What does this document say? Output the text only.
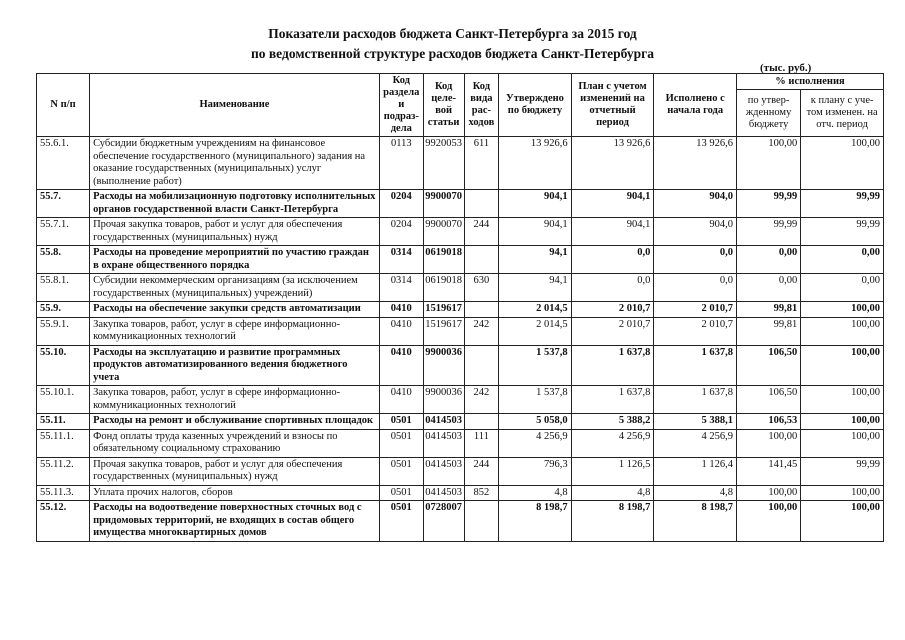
Показатели расходов бюджета Санкт-Петербурга за 2015 год
по ведомственной структуре расходов бюджета Санкт-Петербурга
(тыс. руб.)
N п/п	Наименование	Код раздела и подраз-дела	Код целе-вой статьи	Код вида рас-ходов	Утверждено по бюджету	План с учетом изменений на отчетный период	Исполнено с начала года	% исполнения	
								по утвер-жденному бюджету	к плану с уче-том изменен. на отч. период
55.6.1.	Субсидии бюджетным учреждениям на финансовое обеспечение государственного (муниципального) задания на оказание государственных (муниципальных) услуг (выполнение работ)	0113	9920053	611	13 926,6	13 926,6	13 926,6	100,00	100,00
55.7.	Расходы на мобилизационную подготовку исполнительных органов государственной власти Санкт-Петербурга	0204	9900070		904,1	904,1	904,0	99,99	99,99
55.7.1.	Прочая закупка товаров, работ и услуг для обеспечения государственных (муниципальных) нужд	0204	9900070	244	904,1	904,1	904,0	99,99	99,99
55.8.	Расходы на проведение мероприятий по участию граждан в охране общественного порядка	0314	0619018		94,1	0,0	0,0	0,00	0,00
55.8.1.	Субсидии некоммерческим организациям (за исключением государственных (муниципальных) учреждений)	0314	0619018	630	94,1	0,0	0,0	0,00	0,00
55.9.	Расходы на обеспечение закупки средств автоматизации	0410	1519617		2 014,5	2 010,7	2 010,7	99,81	100,00
55.9.1.	Закупка товаров, работ, услуг в сфере информационно-коммуникационных технологий	0410	1519617	242	2 014,5	2 010,7	2 010,7	99,81	100,00
55.10.	Расходы на эксплуатацию и развитие программных продуктов автоматизированного ведения бюджетного учета	0410	9900036		1 537,8	1 637,8	1 637,8	106,50	100,00
55.10.1.	Закупка товаров, работ, услуг в сфере информационно-коммуникационных технологий	0410	9900036	242	1 537,8	1 637,8	1 637,8	106,50	100,00
55.11.	Расходы на ремонт и обслуживание спортивных площадок	0501	0414503		5 058,0	5 388,2	5 388,1	106,53	100,00
55.11.1.	Фонд оплаты труда казенных учреждений и взносы по обязательному социальному страхованию	0501	0414503	111	4 256,9	4 256,9	4 256,9	100,00	100,00
55.11.2.	Прочая закупка товаров, работ и услуг для обеспечения государственных (муниципальных) нужд	0501	0414503	244	796,3	1 126,5	1 126,4	141,45	99,99
55.11.3.	Уплата прочих налогов, сборов	0501	0414503	852	4,8	4,8	4,8	100,00	100,00
55.12.	Расходы на водоотведение поверхностных сточных вод с придомовых территорий, не входящих в состав общего имущества многоквартирных домов	0501	0728007		8 198,7	8 198,7	8 198,7	100,00	100,00
